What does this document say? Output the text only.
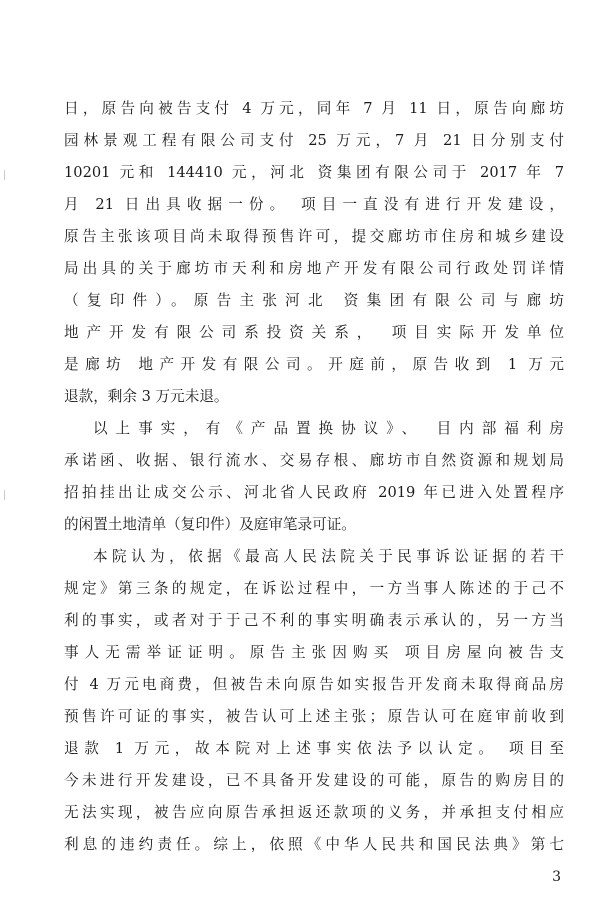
日，原告向被告支付 4 万元，同年 7 月 11 日，原告向廊坊
园林景观工程有限公司支付 25 万元，7 月 21 日分别支付
10201 元和 144410 元，河北 资集团有限公司于 2017 年 7
月 21 日出具收据一份。 项目一直没有进行开发建设，
原告主张该项目尚未取得预售许可，提交廊坊市住房和城乡建设
局出具的关于廊坊市天利和房地产开发有限公司行政处罚详情
（复印件）。原告主张河北 资集团有限公司与廊坊
地产开发有限公司系投资关系， 项目实际开发单位
是廊坊 地产开发有限公司。开庭前，原告收到 1 万元
退款，剩余 3 万元未退。
以上事实，有《产品置换协议》、 目内部福利房
承诺函、收据、银行流水、交易存根、廊坊市自然资源和规划局
招拍挂出让成交公示、河北省人民政府 2019 年已进入处置程序
的闲置土地清单（复印件）及庭审笔录可证。
本院认为，依据《最高人民法院关于民事诉讼证据的若干
规定》第三条的规定，在诉讼过程中，一方当事人陈述的于己不
利的事实，或者对于于己不利的事实明确表示承认的，另一方当
事人无需举证证明。原告主张因购买 项目房屋向被告支
付 4 万元电商费，但被告未向原告如实报告开发商未取得商品房
预售许可证的事实，被告认可上述主张；原告认可在庭审前收到
退款 1 万元，故本院对上述事实依法予以认定。 项目至
今未进行开发建设，已不具备开发建设的可能，原告的购房目的
无法实现，被告应向原告承担返还款项的义务，并承担支付相应
利息的违约责任。综上，依照《中华人民共和国民法典》第七
3
